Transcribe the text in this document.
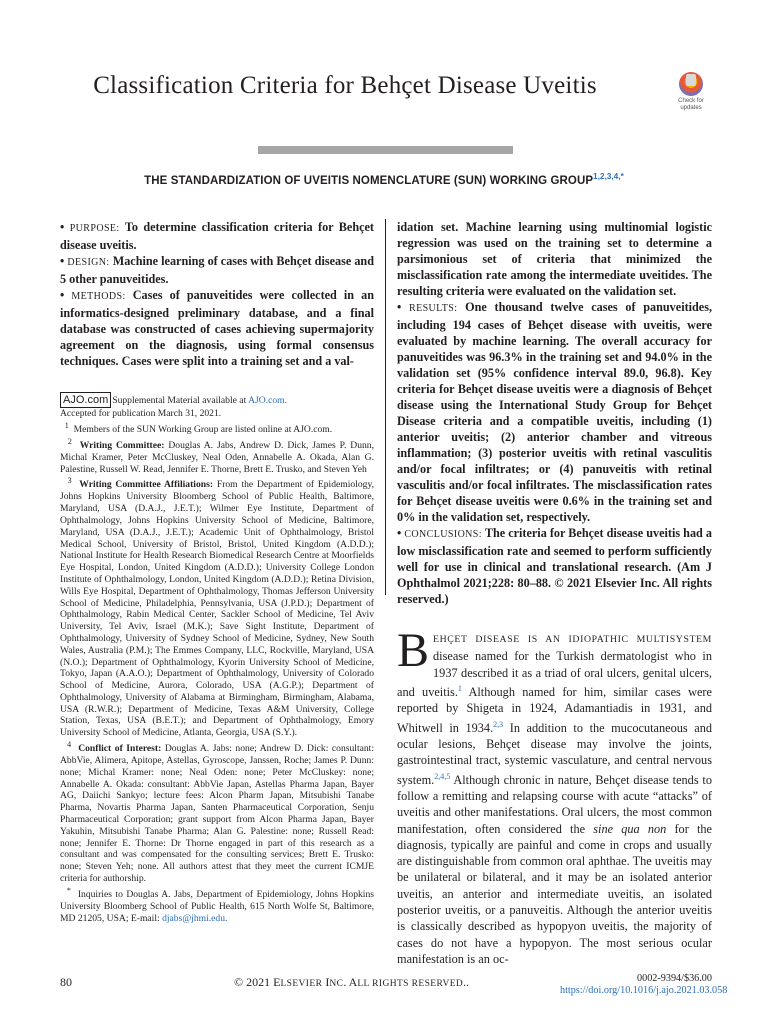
Classification Criteria for Behçet Disease Uveitis
Check for
updates
THE STANDARDIZATION OF UVEITIS NOMENCLATURE (SUN) WORKING $GROUP^{1,2,3,4,*}$
• PURPOSE: To determine classification criteria for Behçet disease uveitis.
• DESIGN: Machine learning of cases with Behçet disease and 5 other panuveitides.
• METHODS: Cases of panuveitides were collected in an informatics-designed preliminary database, and a final database was constructed of cases achieving supermajority agreement on the diagnosis, using formal consensus techniques. Cases were split into a training set and a val-
idation set. Machine learning using multinomial logistic regression was used on the training set to determine a parsimonious set of criteria that minimized the misclassification rate among the intermediate uveitides. The resulting criteria were evaluated on the validation set.
• RESULTS: One thousand twelve cases of panuveitides, including 194 cases of Behçet disease with uveitis, were evaluated by machine learning. The overall accuracy for panuveitides was 96.3% in the training set and 94.0% in the validation set (95% confidence interval 89.0, 96.8). Key criteria for Behçet disease uveitis were a diagnosis of Behçet disease using the International Study Group for Behçet Disease criteria and a compatible uveitis, including (1) anterior uveitis; (2) anterior chamber and vitreous inflammation; (3) posterior uveitis with retinal vasculitis and/or focal infiltrates; or (4) panuveitis with retinal vasculitis and/or focal infiltrates. The misclassification rates for Behçet disease uveitis were 0.6% in the training set and 0% in the validation set, respectively.
• CONCLUSIONS: The criteria for Behçet disease uveitis had a low misclassification rate and seemed to perform sufficiently well for use in clinical and translational research. (Am J Ophthalmol 2021;228: 80–88. © 2021 Elsevier Inc. All rights reserved.)

AJO.com Supplemental Material available at AJO.com.

Accepted for publication March 31, 2021.

$^1$ Members of the SUN Working Group are listed online at AJO.com.

$^2$ Writing Committee: Douglas A. Jabs, Andrew D. Dick, James P. Dunn, Michal Kramer, Peter McCluskey, Neal Oden, Annabelle A. Okada, Alan G. Palestine, Russell W. Read, Jennifer E. Thorne, Brett E. Trusko, and Steven Yeh

$^3$ Writing Committee Affiliations: From the Department of Epidemiology, Johns Hopkins University Bloomberg School of Public Health, Baltimore, Maryland, USA (D.A.J., J.E.T.); Wilmer Eye Institute, Department of Ophthalmology, Johns Hopkins University School of Medicine, Baltimore, Maryland, USA (D.A.J., J.E.T.); Academic Unit of Ophthalmology, Bristol Medical School, University of Bristol, Bristol, United Kingdom (A.D.D.); National Institute for Health Research Biomedical Research Centre at Moorfields Eye Hospital, London, United Kingdom (A.D.D.); University College London Institute of Ophthalmology, London, United Kingdom (A.D.D.); Retina Division, Wills Eye Hospital, Department of Ophthalmology, Thomas Jefferson University School of Medicine, Philadelphia, Pennsylvania, USA (J.P.D.); Department of Ophthalmology, Rabin Medical Center, Sackler School of Medicine, Tel Aviv University, Tel Aviv, Israel (M.K.); Save Sight Institute, Department of Ophthalmology, University of Sydney School of Medicine, Sydney, New South Wales, Australia (P.M.); The Emmes Company, LLC, Rockville, Maryland, USA (N.O.); Department of Ophthalmology, Kyorin University School of Medicine, Tokyo, Japan (A.A.O.); Department of Ophthalmology, University of Colorado School of Medicine, Aurora, Colorado, USA (A.G.P.); Department of Ophthalmology, University of Alabama at Birmingham, Birmingham, Alabama, USA (R.W.R.); Department of Medicine, Texas A&M University, College Station, Texas, USA (B.E.T.); and Department of Ophthalmology, Emory University School of Medicine, Atlanta, Georgia, USA (S.Y.).

$^4$ Conflict of Interest: Douglas A. Jabs: none; Andrew D. Dick: consultant: AbbVie, Alimera, Apitope, Astellas, Gyroscope, Janssen, Roche; James P. Dunn: none; Michal Kramer: none; Neal Oden: none; Peter McCluskey: none; Annabelle A. Okada: consultant: AbbVie Japan, Astellas Pharma Japan, Bayer AG, Daiichi Sankyo; lecture fees: Alcon Pharm Japan, Mitsubishi Tanabe Pharma, Novartis Pharma Japan, Santen Pharmaceutical Corporation, Senju Pharmaceutical Corporation; grant support from Alcon Pharma Japan, Bayer Yakuhin, Mitsubishi Tanabe Pharma; Alan G. Palestine: none; Russell Read: none; Jennifer E. Thorne: Dr Thorne engaged in part of this research as a consultant and was compensated for the consulting services; Brett E. Trusko: none; Steven Yeh; none. All authors attest that they meet the current ICMJE criteria for authorship.

* Inquiries to Douglas A. Jabs, Department of Epidemiology, Johns Hopkins University Bloomberg School of Public Health, 615 North Wolfe St, Baltimore, MD 21205, USA; E-mail: djabs@jhmi.edu.

BEHÇET DISEASE IS AN IDIOPATHIC MULTISYSTEM disease named for the Turkish dermatologist who in 1937 described it as a triad of oral ulcers, genital ulcers, and uveitis.$^1$ Although named for him, similar cases were reported by Shigeta in 1924, Adamantiadis in 1931, and Whitwell in 1934.$^{2,3}$ In addition to the mucocutaneous and ocular lesions, Behçet disease may involve the joints, gastrointestinal tract, systemic vasculature, and central nervous system.$^{2,4,5}$ Although chronic in nature, Behçet disease tends to follow a remitting and relapsing course with acute “attacks” of uveitis and other manifestations. Oral ulcers, the most common manifestation, often considered the sine qua non for the diagnosis, typically are painful and come in crops and usually are distinguishable from common oral aphthae. The uveitis may be unilateral or bilateral, and it may be an isolated anterior uveitis, an anterior and intermediate uveitis, an isolated posterior uveitis, or a panuveitis. Although the anterior uveitis is classically described as hypopyon uveitis, the majority of cases do not have a hypopyon. The most serious ocular manifestation is an oc-
80	© 2021 ELSEVIER INC. ALL RIGHTS RESERVED..	0002-9394/$36.00
https://doi.org/10.1016/j.ajo.2021.03.058
